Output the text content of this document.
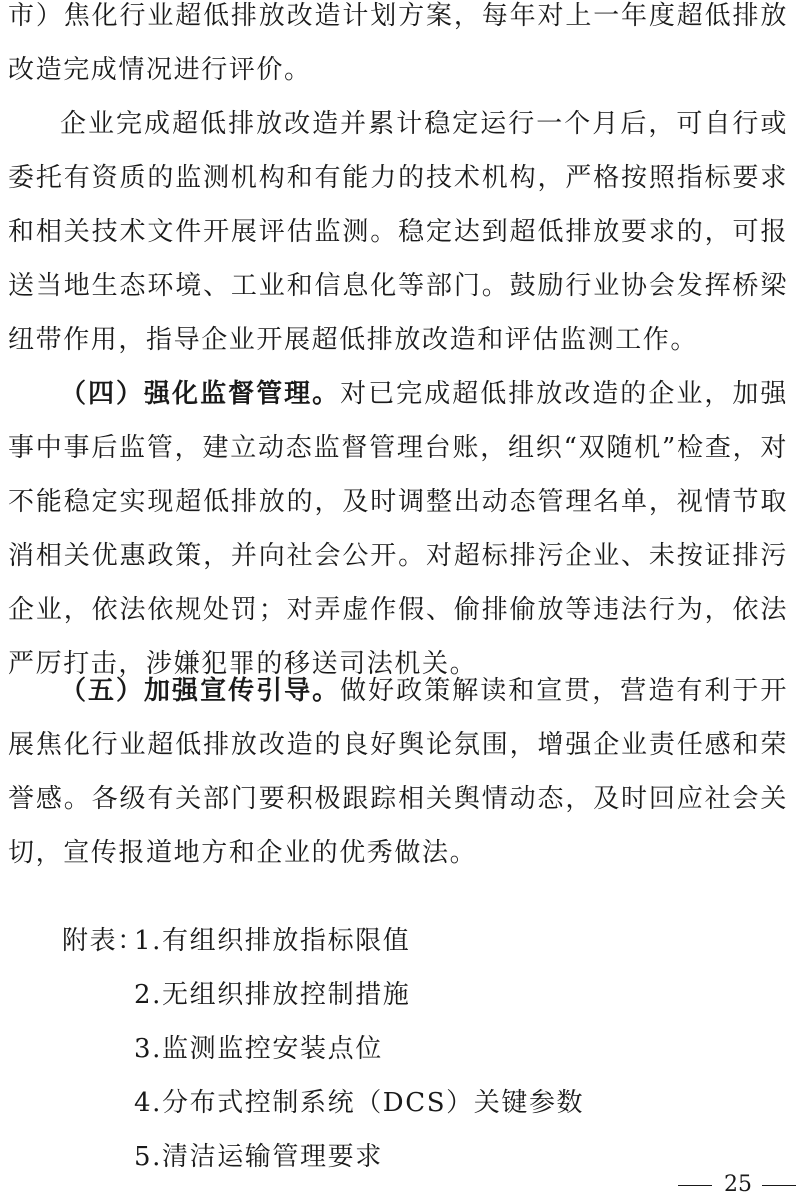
市）焦化行业超低排放改造计划方案，每年对上一年度超低排放改造完成情况进行评价。

企业完成超低排放改造并累计稳定运行一个月后，可自行或委托有资质的监测机构和有能力的技术机构，严格按照指标要求和相关技术文件开展评估监测。稳定达到超低排放要求的，可报送当地生态环境、工业和信息化等部门。鼓励行业协会发挥桥梁纽带作用，指导企业开展超低排放改造和评估监测工作。

（四）强化监督管理。对已完成超低排放改造的企业，加强事中事后监管，建立动态监督管理台账，组织“双随机”检查，对不能稳定实现超低排放的，及时调整出动态管理名单，视情节取消相关优惠政策，并向社会公开。对超标排污企业、未按证排污企业，依法依规处罚；对弄虚作假、偷排偷放等违法行为，依法严厉打击，涉嫌犯罪的移送司法机关。

（五）加强宣传引导。做好政策解读和宣贯，营造有利于开展焦化行业超低排放改造的良好舆论氛围，增强企业责任感和荣誉感。各级有关部门要积极跟踪相关舆情动态，及时回应社会关切，宣传报道地方和企业的优秀做法。

附表：
1.有组织排放指标限值
2.无组织排放控制措施
3.监测监控安装点位
4.分布式控制系统（DCS）关键参数
5.清洁运输管理要求
25
